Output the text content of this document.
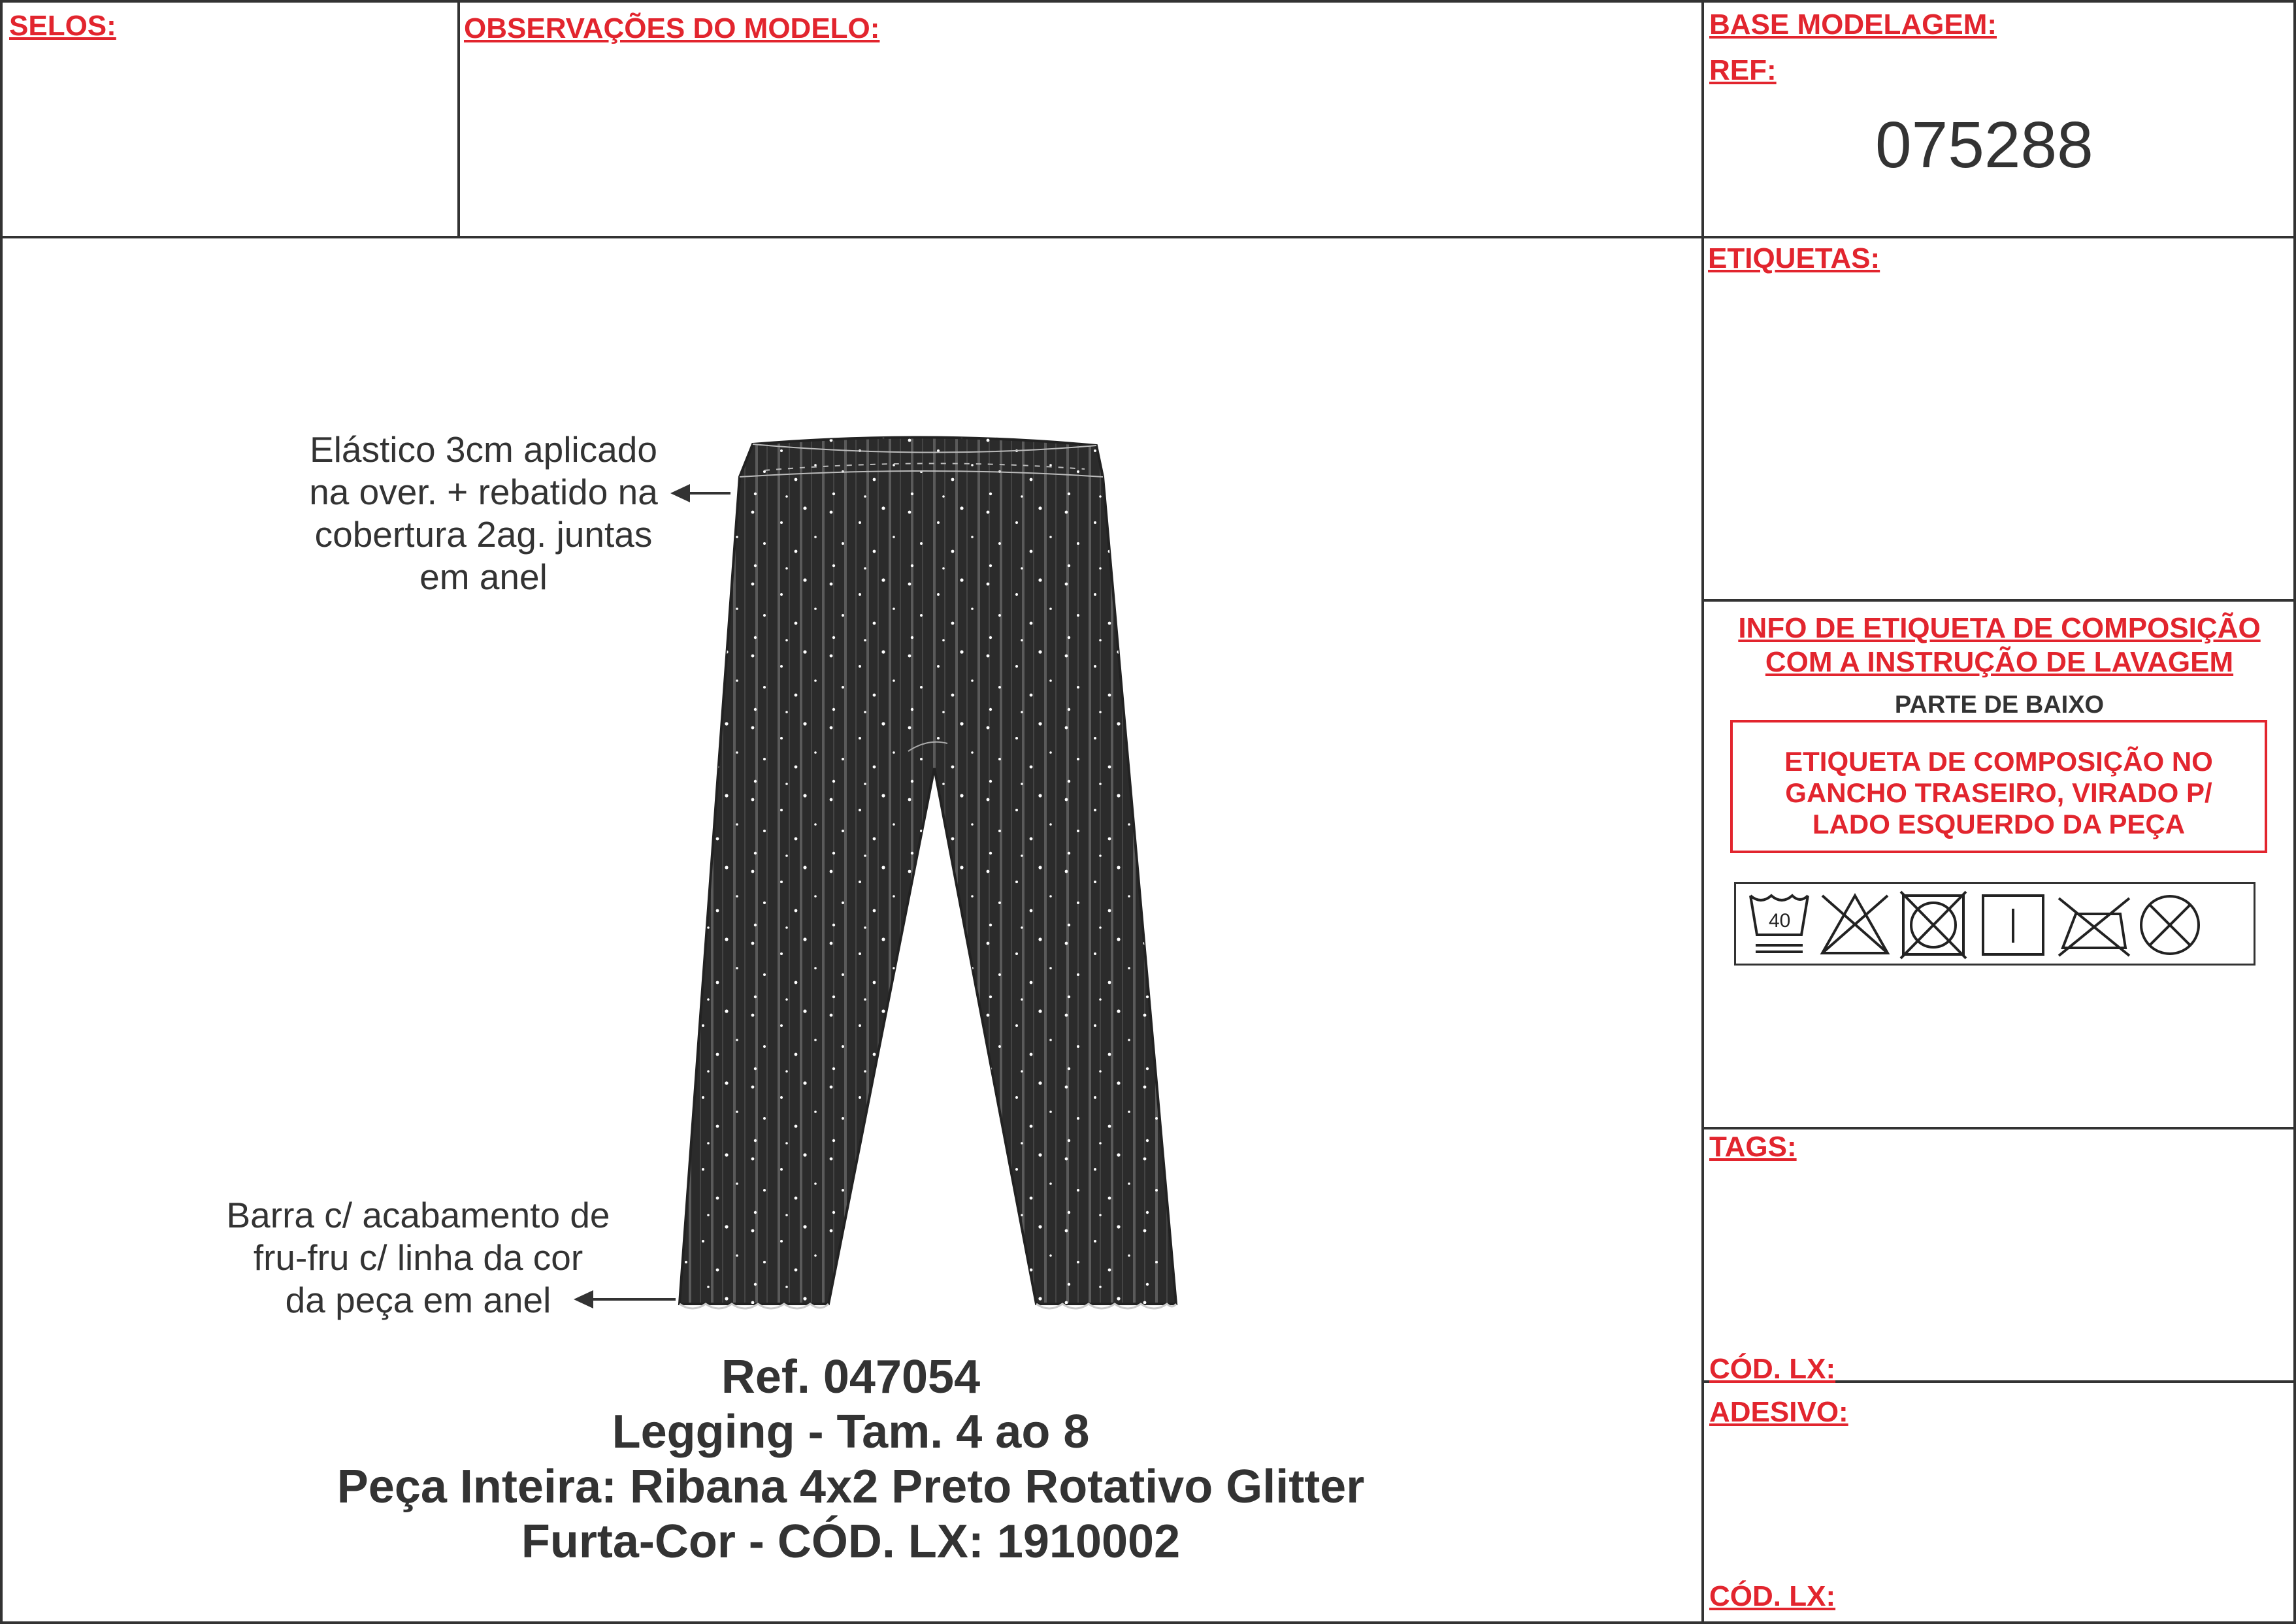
SELOS:	OBSERVAÇÕES DO MODELO:	BASE MODELAGEM:
REF:
075288
ETIQUETAS:
INFO DE ETIQUETA DE COMPOSIÇÃO
COM A INSTRUÇÃO DE LAVAGEM
PARTE DE BAIXO
ETIQUETA DE COMPOSIÇÃO NO
GANCHO TRASEIRO, VIRADO P/
LADO ESQUERDO DA PEÇA
40
TAGS:
CÓD. LX:
ADESIVO:
CÓD. LX:
Elástico 3cm aplicado
na over. + rebatido na
cobertura 2ag. juntas
em anel
Barra c/ acabamento de
fru-fru c/ linha da cor
da peça em anel
Ref. 047054
Legging - Tam. 4 ao 8
Peça Inteira: Ribana 4x2 Preto Rotativo Glitter
Furta-Cor - CÓD. LX: 1910002
